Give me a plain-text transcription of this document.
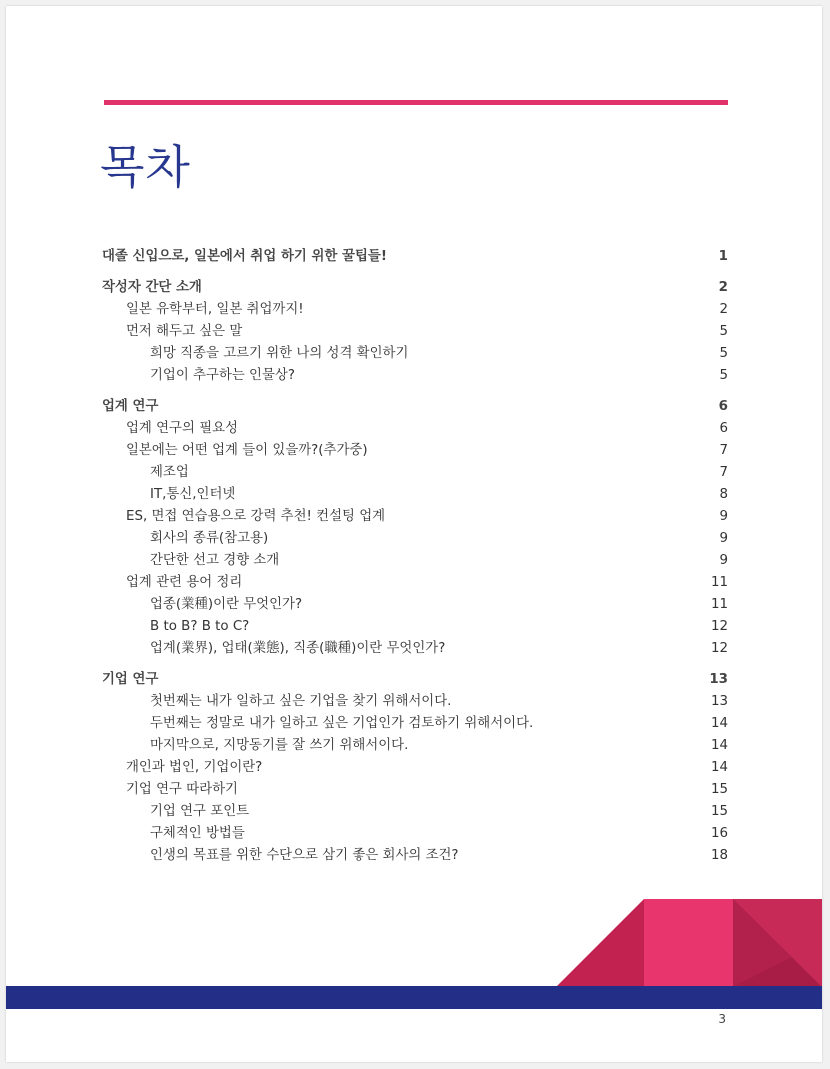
목차
대졸 신입으로, 일본에서 취업 하기 위한 꿀팁들!	1
작성자 간단 소개	2
일본 유학부터, 일본 취업까지!	2
먼저 해두고 싶은 말	5
희망 직종을 고르기 위한 나의 성격 확인하기	5
기업이 추구하는 인물상?	5
업계 연구	6
업계 연구의 필요성	6
일본에는 어떤 업계 들이 있을까?(추가중)	7
제조업	7
IT,통신,인터넷	8
ES, 면접 연습용으로 강력 추천! 컨설팅 업계	9
회사의 종류(참고용)	9
간단한 선고 경향 소개	9
업계 관련 용어 정리	11
업종(業種)이란 무엇인가?	11
B to B? B to C?	12
업계(業界), 업태(業態), 직종(職種)이란 무엇인가?	12
기업 연구	13
첫번째는 내가 일하고 싶은 기업을 찾기 위해서이다.	13
두번째는 정말로 내가 일하고 싶은 기업인가 검토하기 위해서이다.	14
마지막으로, 지망동기를 잘 쓰기 위해서이다.	14
개인과 법인, 기업이란?	14
기업 연구 따라하기	15
기업 연구 포인트	15
구체적인 방법들	16
인생의 목표를 위한 수단으로 삼기 좋은 회사의 조건?	18
3
